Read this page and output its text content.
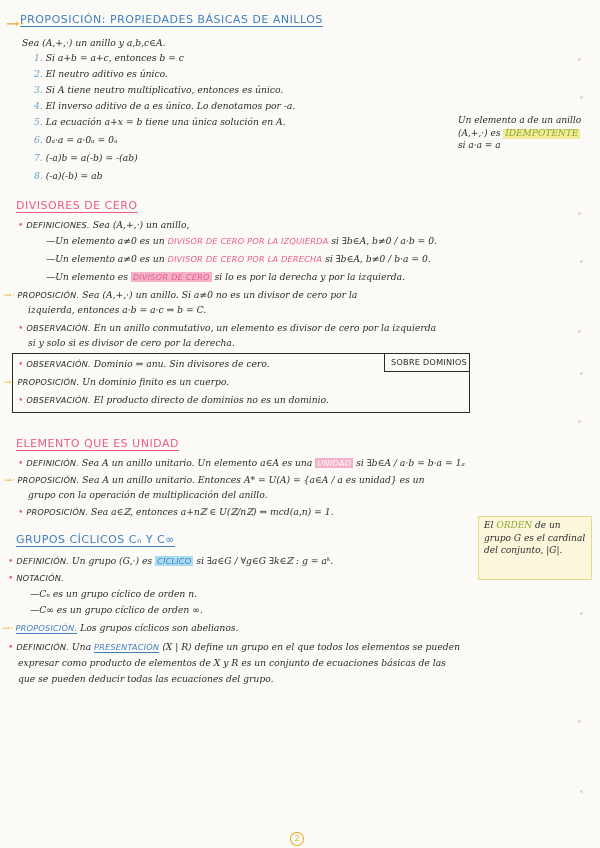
→·
PROPOSICIÓN: PROPIEDADES BÁSICAS DE ANILLOS
Sea (A,+,·) un anillo y a,b,c∈A.
1. Si a+b = a+c, entonces b = c
2. El neutro aditivo es único.
3. Si A tiene neutro multiplicativo, entonces es único.
4. El inverso aditivo de a es único. Lo denotamos por -a.
5. La ecuación a+x = b tiene una única solución en A.
6. 0ₐ·a = a·0ₐ = 0ₐ
7. (-a)b = a(-b) = -(ab)
8. (-a)(-b) = ab
Un elemento a de un anillo (A,+,·) es IDEMPOTENTE si a·a = a
DIVISORES DE CERO
• DEFINICIONES. Sea (A,+,·) un anillo,
—Un elemento a≠0 es un DIVISOR DE CERO POR LA IZQUIERDA si ∃b∈A, b≠0 / a·b = 0.
—Un elemento a≠0 es un DIVISOR DE CERO POR LA DERECHA si ∃b∈A, b≠0 / b·a = 0.
—Un elemento es DIVISOR DE CERO si lo es por la derecha y por la izquierda.
→· PROPOSICIÓN. Sea (A,+,·) un anillo. Si a≠0 no es un divisor de cero por la
izquierda, entonces a·b = a·c ⇒ b = C.
• OBSERVACIÓN. En un anillo conmutativo, un elemento es divisor de cero por la izquierda
si y solo si es divisor de cero por la derecha.
SOBRE DOMINIOS
• OBSERVACIÓN. Dominio ⇔ anu. Sin divisores de cero.
→· PROPOSICIÓN. Un dominio finito es un cuerpo.
• OBSERVACIÓN. El producto directo de dominios no es un dominio.
ELEMENTO QUE ES UNIDAD
• DEFINICIÓN. Sea A un anillo unitario. Un elemento a∈A es una UNIDAD si ∃b∈A / a·b = b·a = 1ₐ
→· PROPOSICIÓN. Sea A un anillo unitario. Entonces A* = U(A) = {a∈A / a es unidad} es un
grupo con la operación de multiplicación del anillo.
• PROPOSICIÓN. Sea a∈ℤ, entonces a+nℤ ∈ U(ℤ/nℤ) ⇔ mcd(a,n) = 1.
GRUPOS CÍCLICOS Cₙ Y C∞
• DEFINICIÓN. Un grupo (G,·) es CÍCLICO si ∃a∈G / ∀g∈G ∃k∈ℤ : g = aᵏ.
• NOTACIÓN.
—Cₙ es un grupo cíclico de orden n.
—C∞ es un grupo cíclico de orden ∞.
→· PROPOSICIÓN. Los grupos cíclicos son abelianos.
• DEFINICIÓN. Una PRESENTACIÓN ⟨X | R⟩ define un grupo en el que todos los elementos se pueden
expresar como producto de elementos de X y R es un conjunto de ecuaciones básicas de las
que se pueden deducir todas las ecuaciones del grupo.
El ORDEN de un grupo G es el cardinal del conjunto, |G|.
2
